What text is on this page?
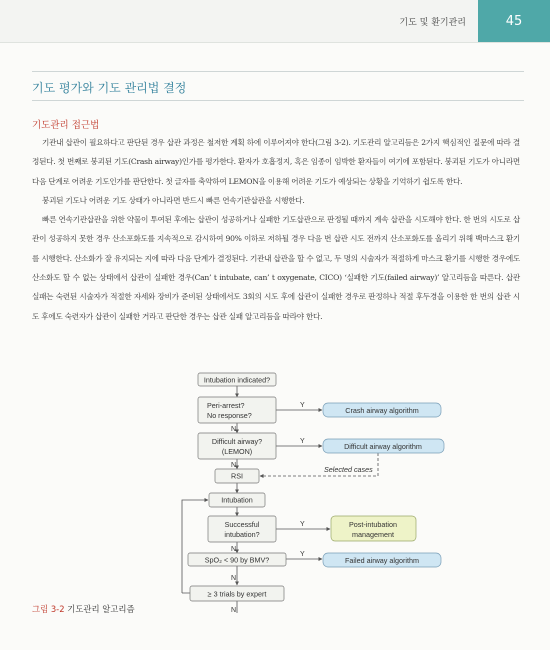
기도 및 환기관리	45
기도 평가와 기도 관리법 결정
기도관리 접근법

기관내 삽관이 필요하다고 판단된 경우 삽관 과정은 철저한 계획 하에 이루어져야 한다(그림 3-2). 기도관리 알고리듬은 2가지 핵심적인 질문에 따라 결정된다. 첫 번째로 붕괴된 기도(Crash airway)인가를 평가한다. 환자가 호흡정지, 혹은 임종이 임박한 환자들이 여기에 포함된다. 붕괴된 기도가 아니라면 다음 단계로 어려운 기도인가를 판단한다. 첫 글자를 축약하여 LEMON을 이용해 어려운 기도가 예상되는 상황을 기억하기 쉽도록 한다.

붕괴된 기도나 어려운 기도 상태가 아니라면 반드시 빠른 연속기관삽관을 시행한다.

빠른 연속기관삽관을 위한 약물이 투여된 후에는 삽관이 성공하거나 실패한 기도삽관으로 판정될 때까지 계속 삽관을 시도해야 한다. 한 번의 시도로 삽관이 성공하지 못한 경우 산소포화도를 지속적으로 감시하여 90% 이하로 저하될 경우 다음 번 삽관 시도 전까지 산소포화도를 올리기 위해 백마스크 환기를 시행한다. 산소화가 잘 유지되는 지에 따라 다음 단계가 결정된다. 기관내 삽관을 할 수 없고, 두 명의 시술자가 적절하게 마스크 환기를 시행한 경우에도 산소화도 할 수 없는 상태에서 삽관이 실패한 경우(Can’ t intubate, can’ t oxygenate, CICO) ‘실패한 기도(failed airway)’ 알고리듬을 따른다. 삽관 실패는 숙련된 시술자가 적절한 자세와 장비가 준비된 상태에서도 3회의 시도 후에 삽관이 실패한 경우로 판정하나 적절 후두경을 이용한 한 번의 삽관 시도 후에도 숙련자가 삽관이 실패한 거라고 판단한 경우는 삽관 실패 알고리듬을 따라야 한다.

Intubation indicated?
Peri-arrest?
No response?
Difficult airway?
(LEMON)
RSI
Intubation
Successful
intubation?
SpO₂ < 90 by BMV?
≥ 3 trials by expert
Crash airway algorithm
Difficult airway algorithm
Post-intubation
management
Failed airway algorithm
Y
Y
Y
Y
N
N
N
N
N
Selected cases
그림 3-2 기도관리 알고리즘
